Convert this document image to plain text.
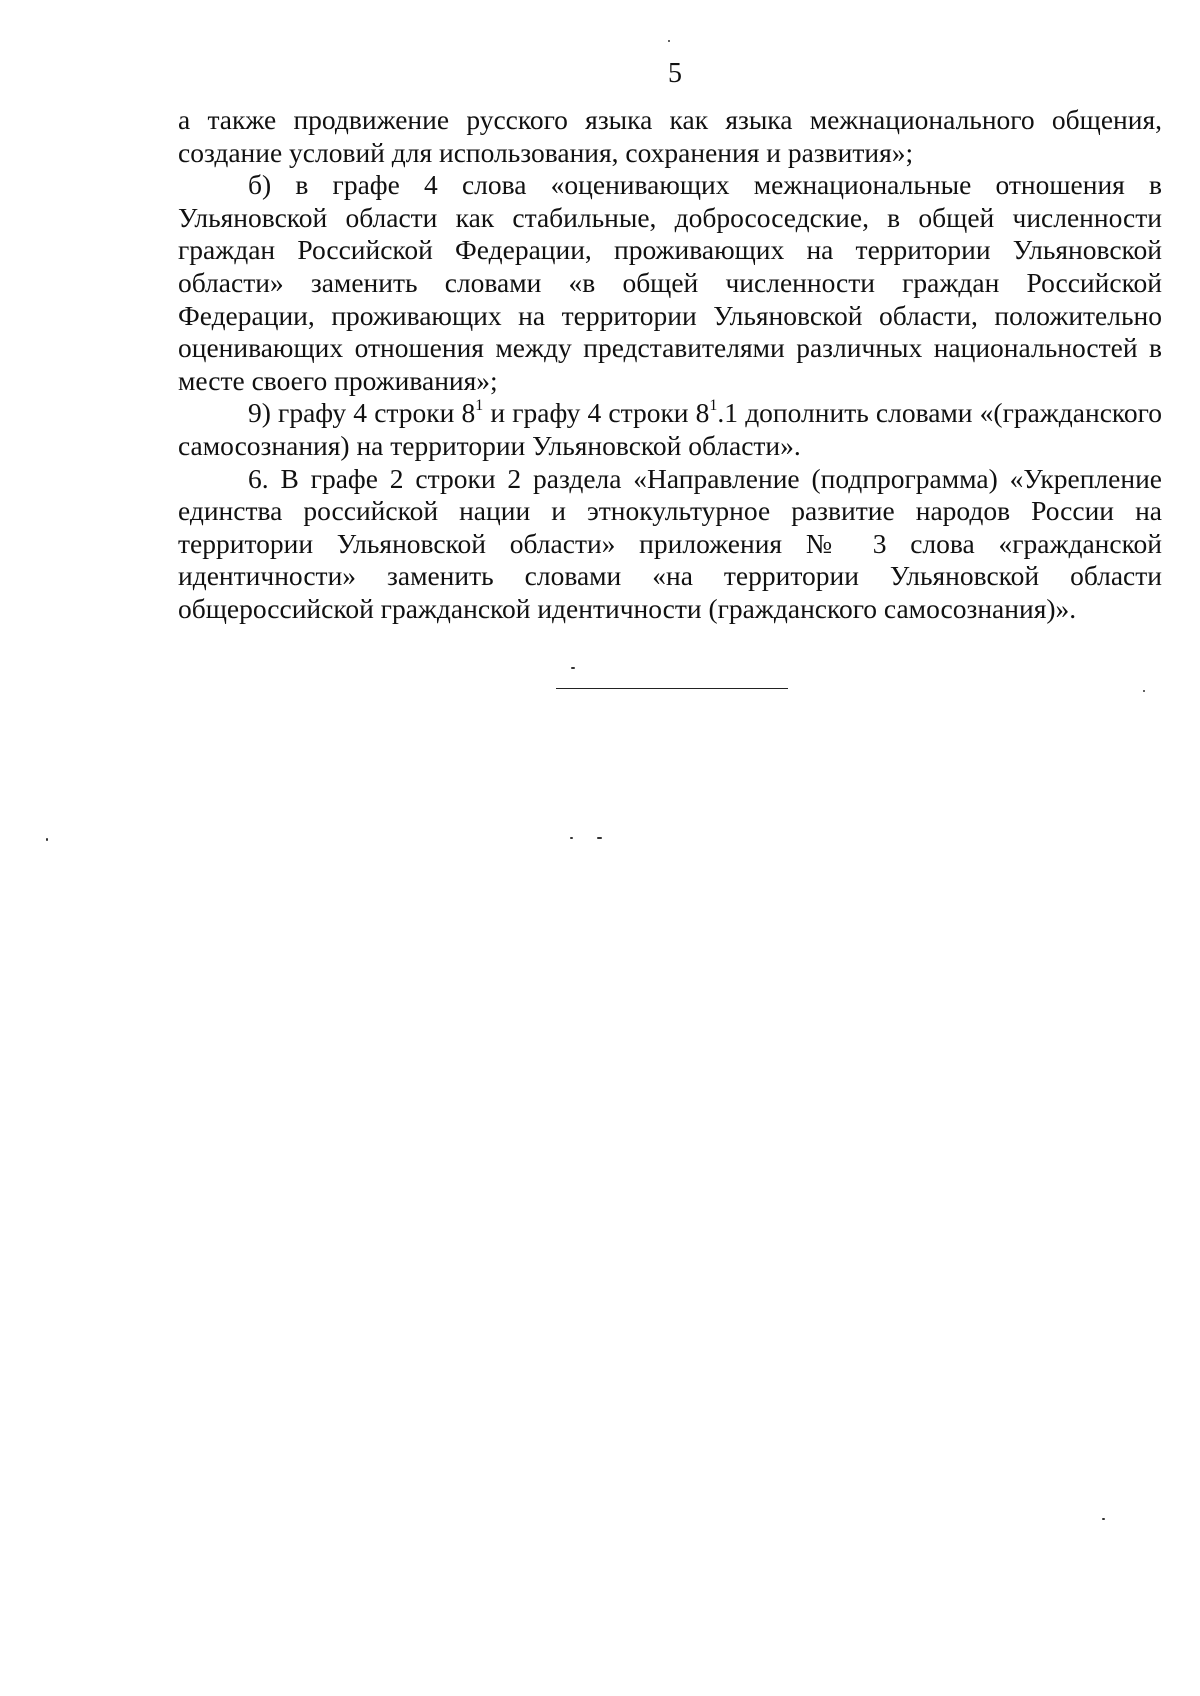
5

а также продвижение русского языка как языка межнационального общения, создание условий для использования, сохранения и развития»;

б) в графе 4 слова «оценивающих межнациональные отношения в Ульяновской области как стабильные, добрососедские, в общей численности граждан Российской Федерации, проживающих на территории Ульяновской области» заменить словами «в общей численности граждан Российской Федерации, проживающих на территории Ульяновской области, положительно оценивающих отношения между представителями различных национальностей в месте своего проживания»;

9) графу 4 строки $8^1$ и графу 4 строки $8^1.1$ дополнить словами «(гражданского самосознания) на территории Ульяновской области».

6. В графе 2 строки 2 раздела «Направление (подпрограмма) «Укрепление единства российской нации и этнокультурное развитие народов России на территории Ульяновской области» приложения № 3 слова «гражданской идентичности» заменить словами «на территории Ульяновской области общероссийской гражданской идентичности (гражданского самосознания)».
